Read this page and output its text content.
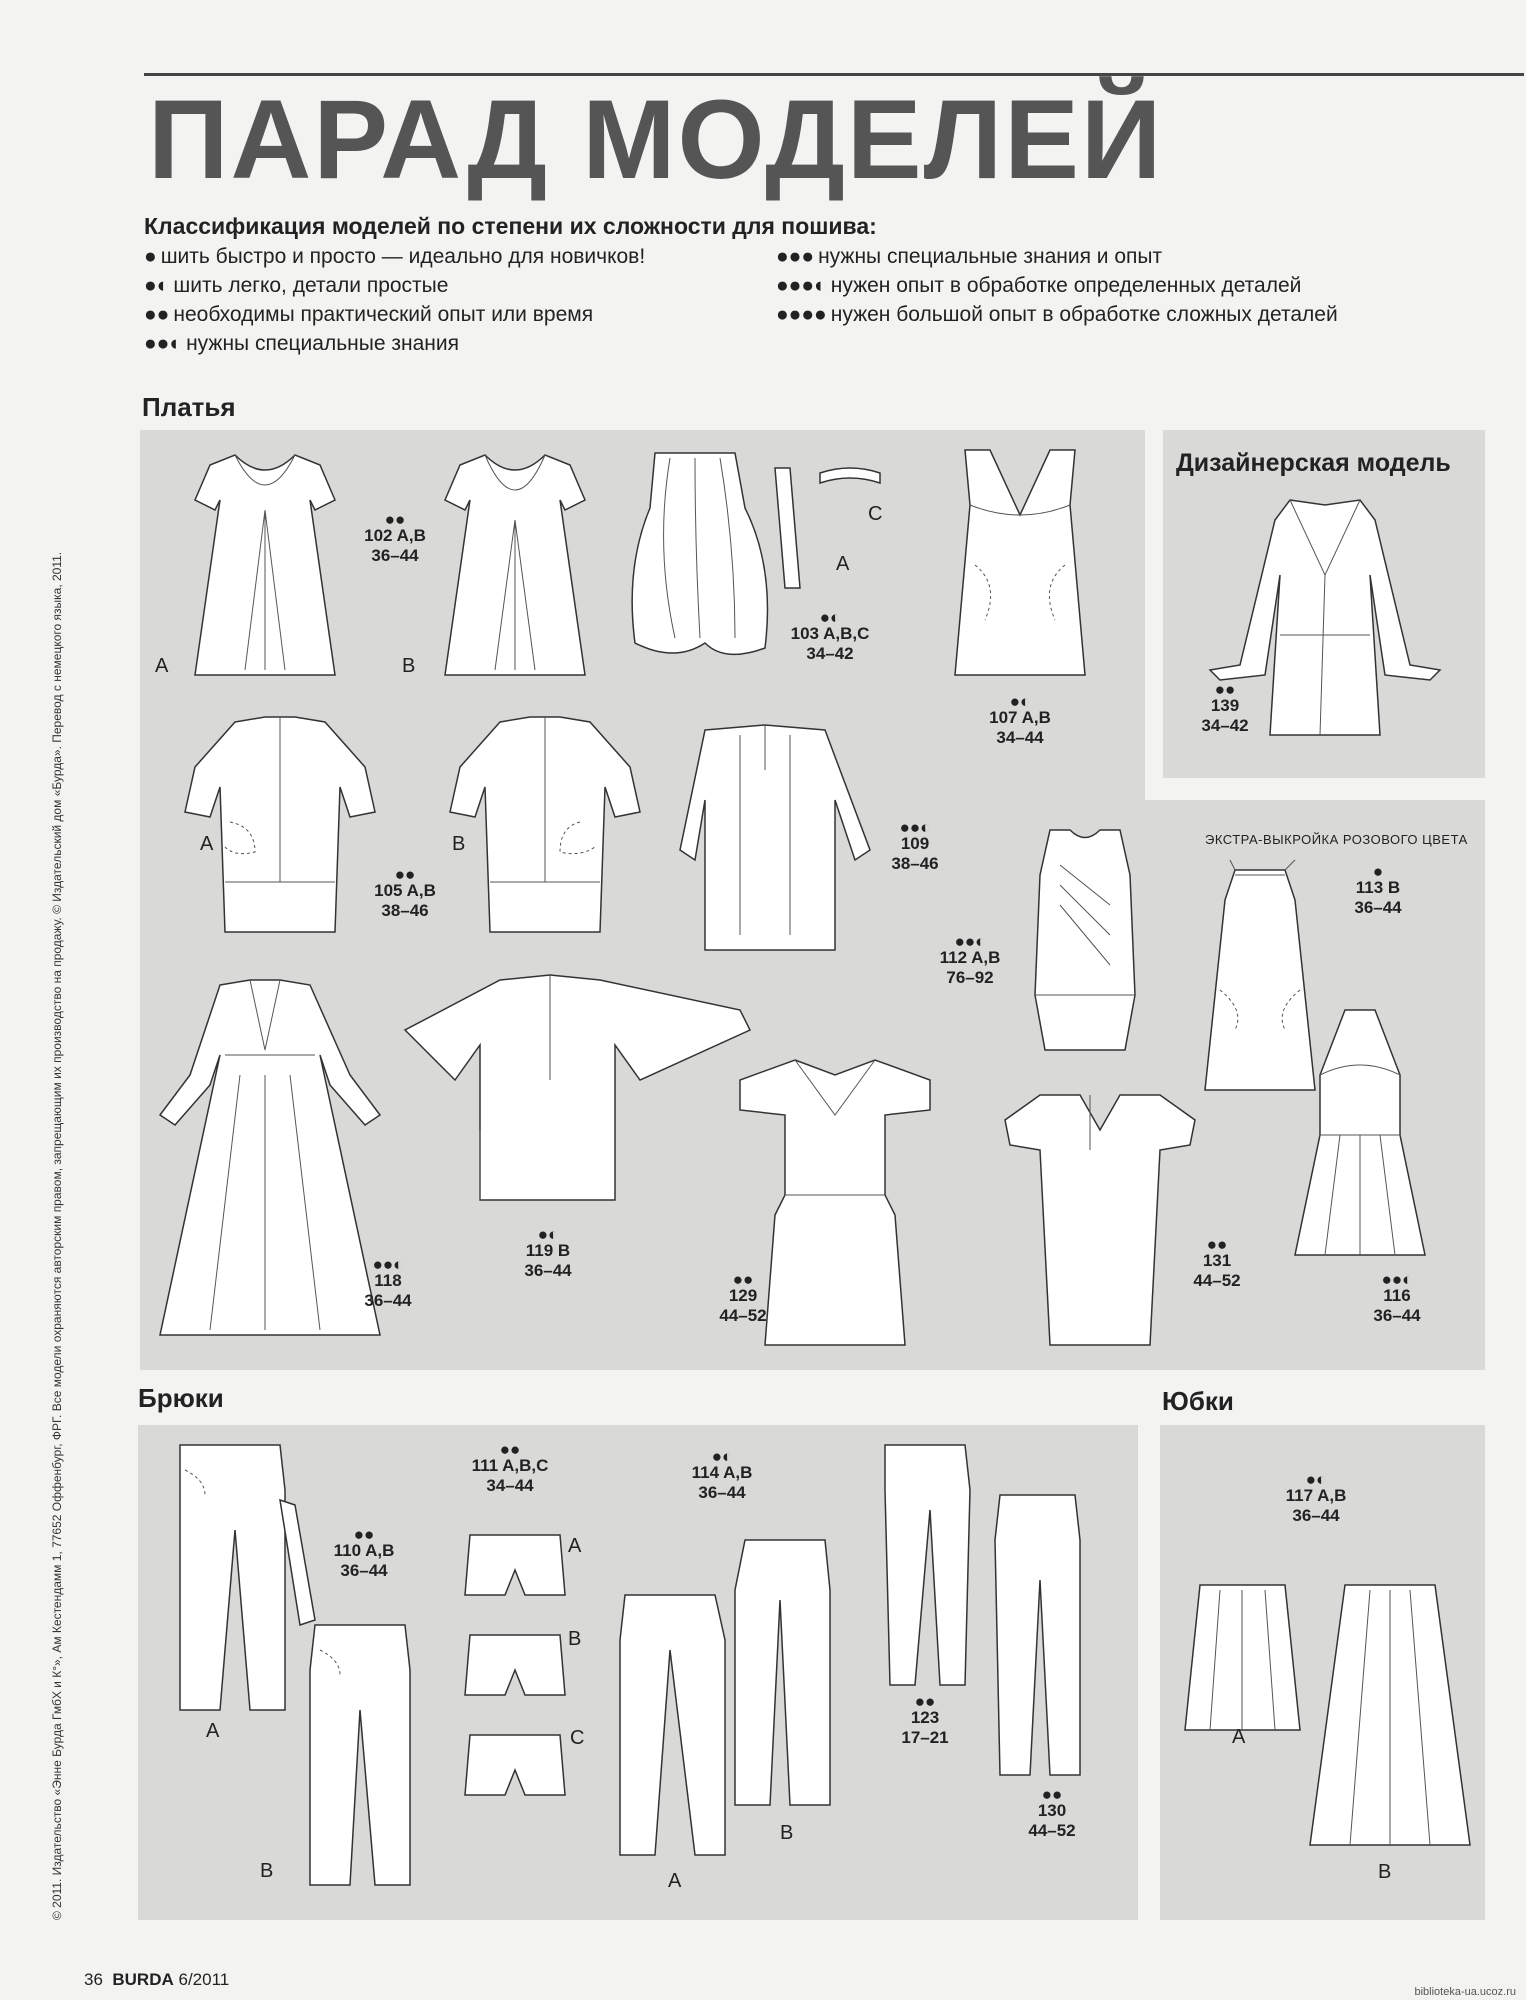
ПАРАД МОДЕЛЕЙ
Классификация моделей по степени их сложности для пошива:
● шить быстро и просто — идеально для новичков!
●◐ шить легко, детали простые
●● необходимы практический опыт или время
●●◐ нужны специальные знания
●●● нужны специальные знания и опыт
●●●◐ нужен опыт в обработке определенных деталей
●●●● нужен большой опыт в обработке сложных деталей
Платья
Брюки	Юбки
Дизайнерская модель
ЭКСТРА-ВЫКРОЙКА РОЗОВОГО ЦВЕТА
●●
102 A,B
36–44
●◐
103 A,B,C
34–42
●◐
107 A,B
34–44
●●
139
34–42
●●
105 A,B
38–46
●●◐
109
38–46
●●◐
112 A,B
76–92
●
113 B
36–44
●●◐
118
36–44
●◐
119 B
36–44	●●
129
44–52
●●
131
44–52	●●◐
116
36–44
●●
110 A,B
36–44
●●
111 A,B,C
34–44
●◐
114 A,B
36–44
●●
123
17–21
●●
130
44–52
●◐
117 A,B
36–44
A	B
A
C
A	B
A
B
A
B
C
A
B
A
B
© 2011. Издательство «Энне Бурда ГмбХ и К°», Ам Кестендамм 1, 77652 Оффенбург, ФРГ. Все модели охраняются авторским правом, запрещающим их производство на продажу. © Издательский дом «Бурда». Перевод с немецкого языка, 2011.
36 BURDA 6/2011
biblioteka-ua.ucoz.ru
